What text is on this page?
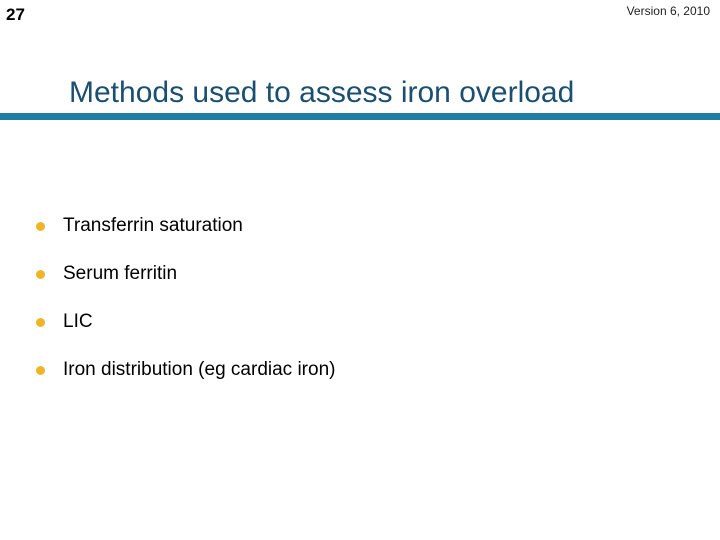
27	Version 6, 2010
Methods used to assess iron overload
Transferrin saturation
Serum ferritin
LIC
Iron distribution (eg cardiac iron)
